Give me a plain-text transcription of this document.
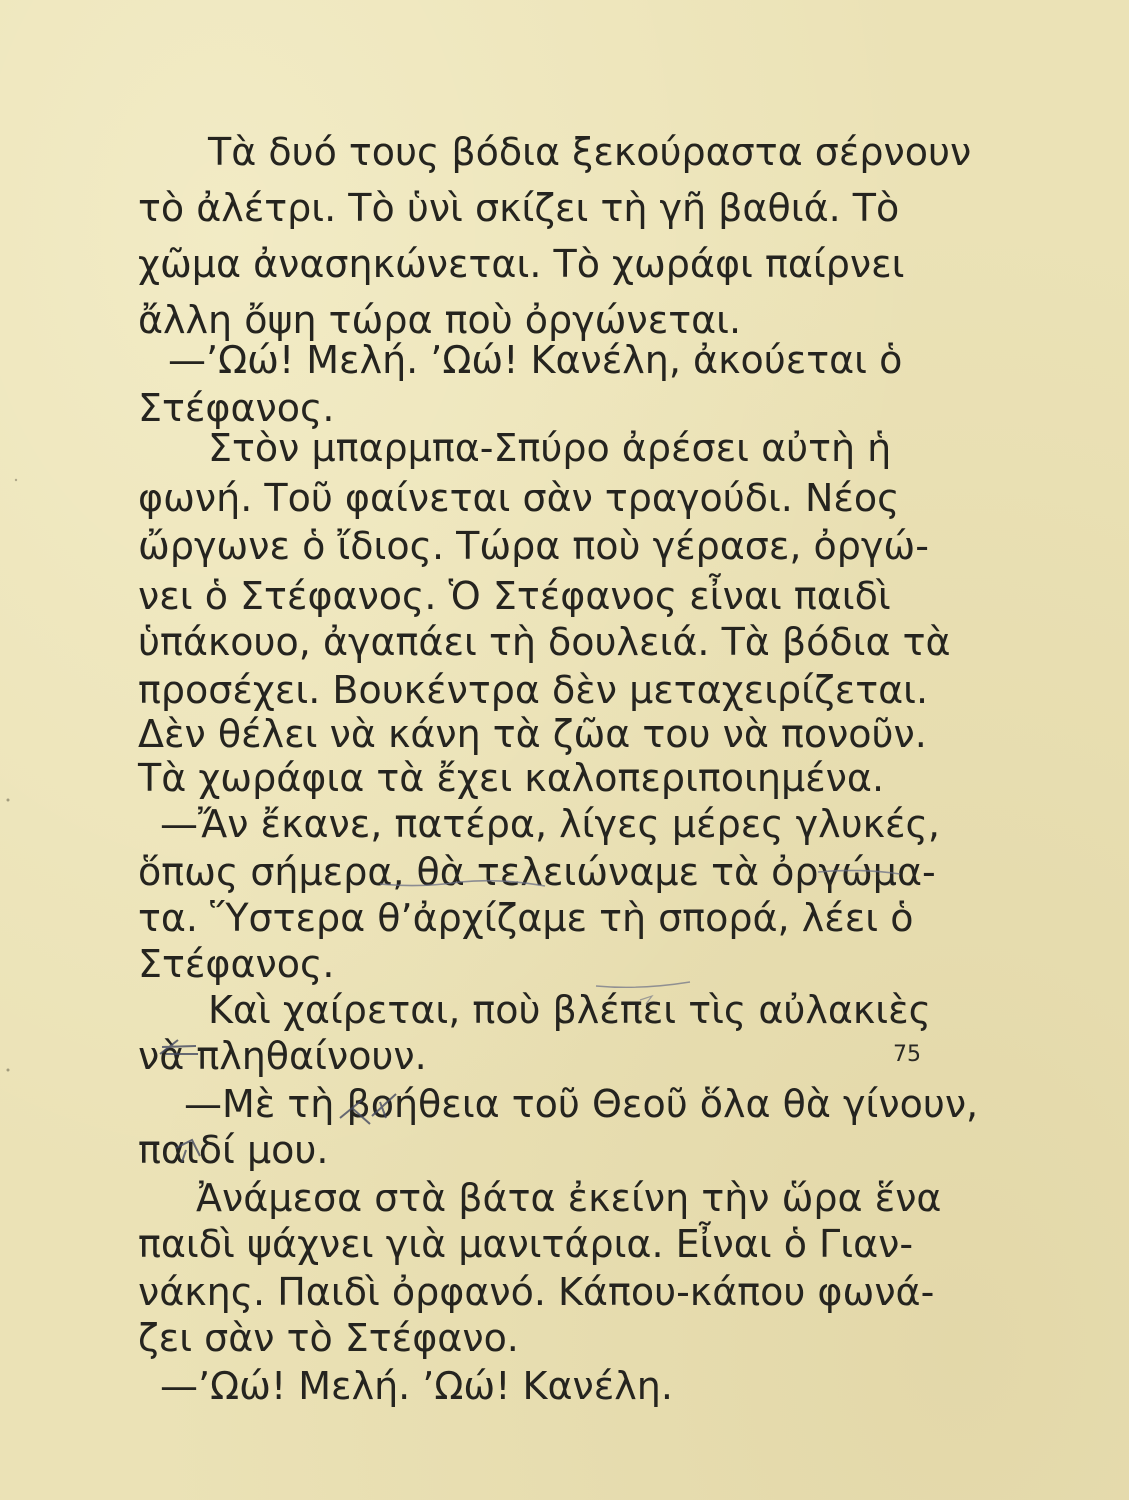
Τὰ δυό τους βόδια ξεκούραστα σέρνουν
τὸ ἀλέτρι. Τὸ ὑνὶ σκίζει τὴ γῆ βαθιά. Τὸ
χῶμα ἀνασηκώνεται. Τὸ χωράφι παίρνει
ἄλλη ὄψη τώρα ποὺ ὀργώνεται.
—’Ωώ! Μελή. ’Ωώ! Κανέλη, ἀκούεται ὁ
Στέφανος.
Στὸν μπαρμπα-Σπύρο ἀρέσει αὐτὴ ἡ
φωνή. Τοῦ φαίνεται σὰν τραγούδι. Νέος
ὤργωνε ὁ ἴδιος. Τώρα ποὺ γέρασε, ὀργώ-
νει ὁ Στέφανος. Ὁ Στέφανος εἶναι παιδὶ
ὑπάκουο, ἀγαπάει τὴ δουλειά. Τὰ βόδια τὰ
προσέχει. Βουκέντρα δὲν μεταχειρίζεται.
Δὲν θέλει νὰ κάνη τὰ ζῶα του νὰ πονοῦν.
Τὰ χωράφια τὰ ἔχει καλοπεριποιημένα.
—Ἄν ἔκανε, πατέρα, λίγες μέρες γλυκές,
ὅπως σήμερα, θὰ τελειώναμε τὰ ὀργώμα-
τα. Ὕστερα θ’ἀρχίζαμε τὴ σπορά, λέει ὁ
Στέφανος.
Καὶ χαίρεται, ποὺ βλέπει τὶς αὐλακιὲς
νὰ πληθαίνουν.
—Μὲ τὴ βοήθεια τοῦ Θεοῦ ὅλα θὰ γίνουν,
παιδί μου.
Ἀνάμεσα στὰ βάτα ἐκείνη τὴν ὥρα ἕνα
παιδὶ ψάχνει γιὰ μανιτάρια. Εἶναι ὁ Γιαν-
νάκης. Παιδὶ ὀρφανό. Κάπου-κάπου φωνά-
ζει σὰν τὸ Στέφανο.
—’Ωώ! Μελή. ’Ωώ! Κανέλη.
75
